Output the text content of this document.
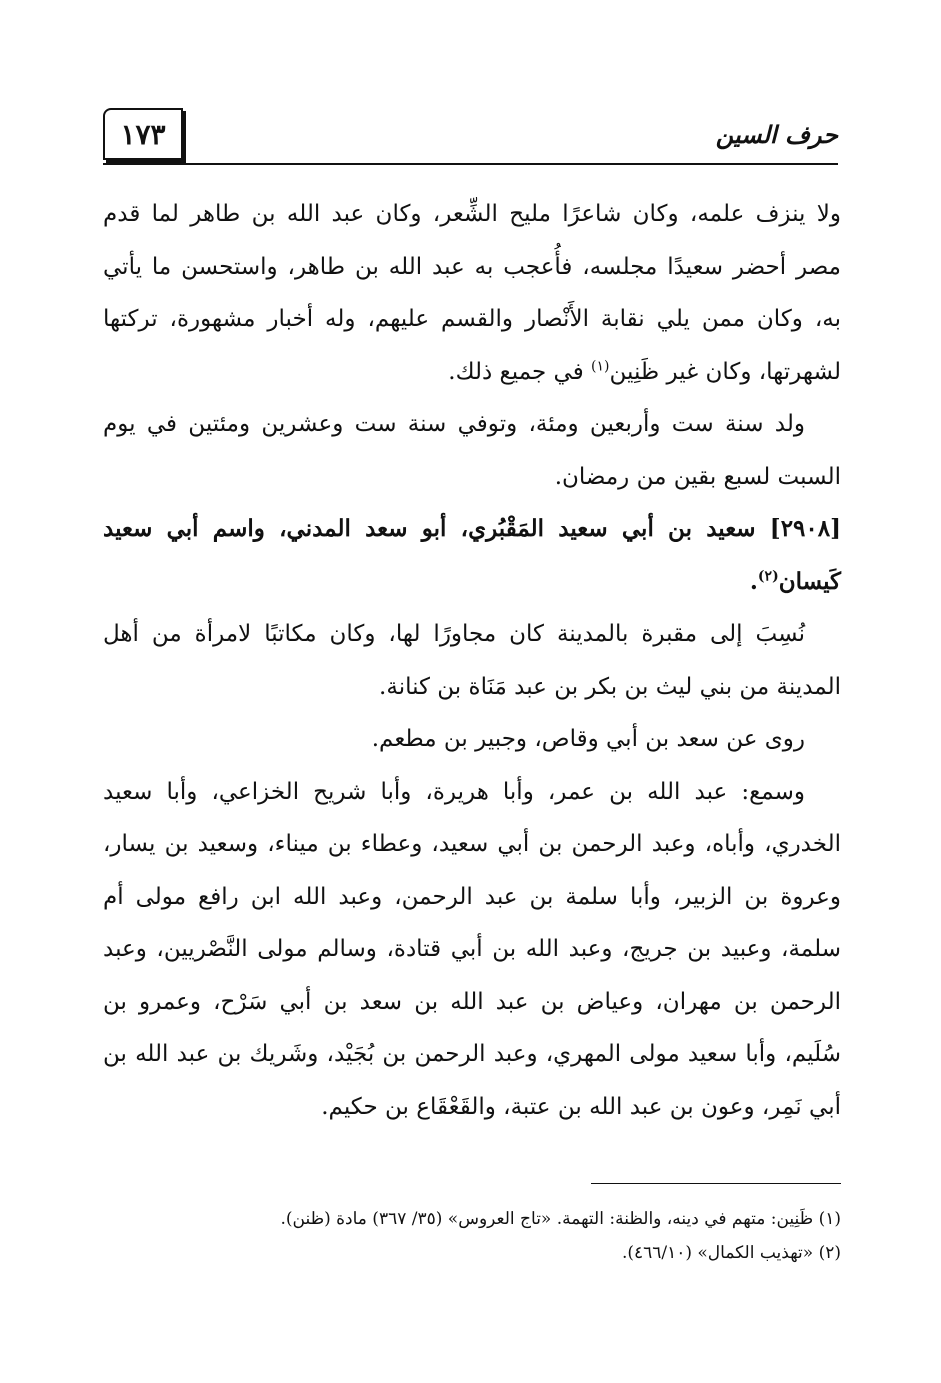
١٧٣	حرف السين

ولا ينزف علمه، وكان شاعرًا مليح الشِّعر، وكان عبد الله بن طاهر لما قدم مصر أحضر سعيدًا مجلسه، فأُعجب به عبد الله بن طاهر، واستحسن ما يأتي به، وكان ممن يلي نقابة الأَنْصار والقسم عليهم، وله أخبار مشهورة، تركتها لشهرتها، وكان غير ظَنِين$^{(١)}$ في جميع ذلك.

ولد سنة ست وأربعين ومئة، وتوفي سنة ست وعشرين ومئتين في يوم السبت لسبع بقين من رمضان.

[٢٩٠٨] سعيد بن أبي سعيد المَقْبُري، أبو سعد المدني، واسم أبي سعيد كَيسان$^{(٢)}$.

نُسِبَ إلى مقبرة بالمدينة كان مجاورًا لها، وكان مكاتبًا لامرأة من أهل المدينة من بني ليث بن بكر بن عبد مَنَاة بن كنانة.

روى عن سعد بن أبي وقاص، وجبير بن مطعم.

وسمع: عبد الله بن عمر، وأبا هريرة، وأبا شريح الخزاعي، وأبا سعيد الخدري، وأباه، وعبد الرحمن بن أبي سعيد، وعطاء بن ميناء، وسعيد بن يسار، وعروة بن الزبير، وأبا سلمة بن عبد الرحمن، وعبد الله ابن رافع مولى أم سلمة، وعبيد بن جريج، وعبد الله بن أبي قتادة، وسالم مولى النَّصْريين، وعبد الرحمن بن مهران، وعياض بن عبد الله بن سعد بن أبي سَرْح، وعمرو بن سُلَيم، وأبا سعيد مولى المهري، وعبد الرحمن بن بُجَيْد، وشَريك بن عبد الله بن أبي نَمِر، وعون بن عبد الله بن عتبة، والقَعْقَاع بن حكيم.

(١) ظَنِين: متهم في دينه، والظنة: التهمة. «تاج العروس» (٣٥/ ٣٦٧) مادة (ظنن).

(٢) «تهذيب الكمال» (٤٦٦/١٠).
